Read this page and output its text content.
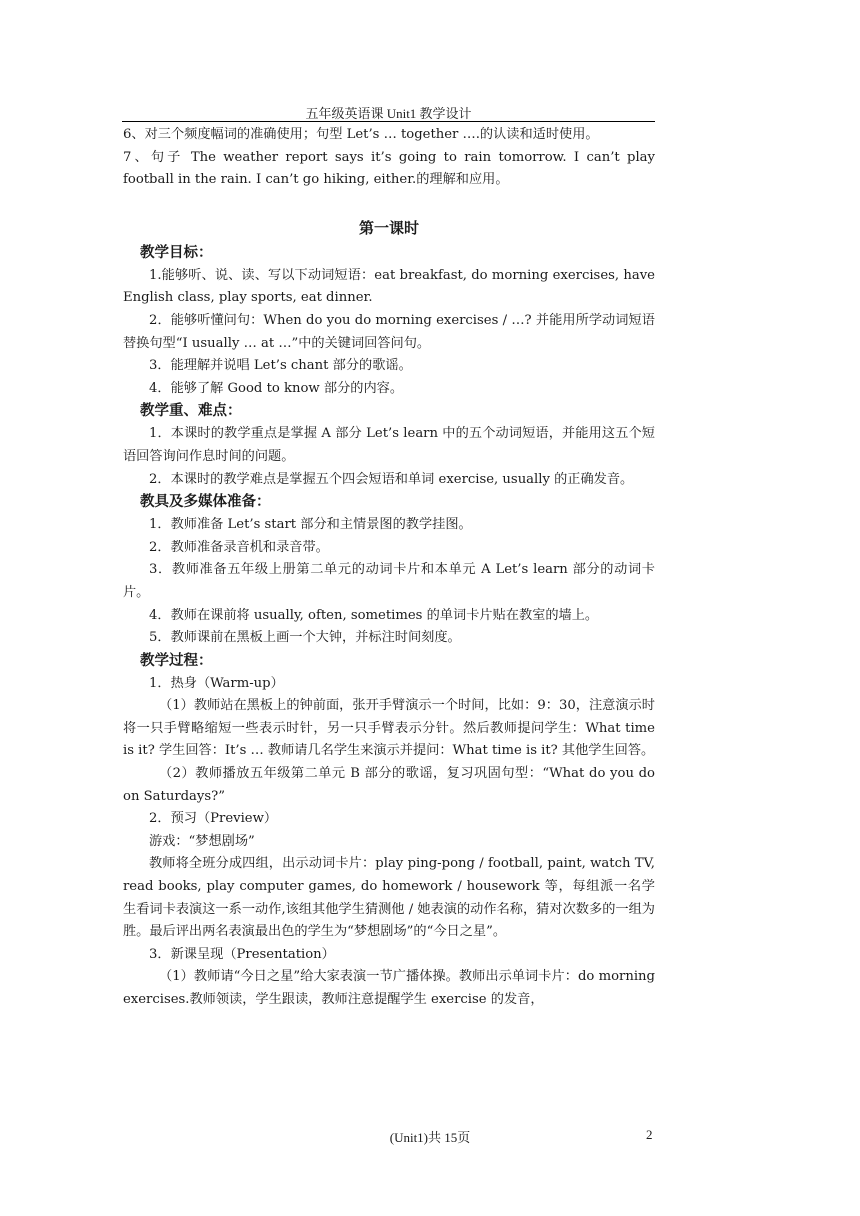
五年级英语课 Unit1 教学设计

6、对三个频度幅词的准确使用；句型 Let’s … together ….的认读和适时使用。

7、句子 The weather report says it’s going to rain tomorrow. I can’t play football in the rain. I can’t go hiking, either.的理解和应用。

第一课时
教学目标：

1.能够听、说、读、写以下动词短语：eat breakfast, do morning exercises, have English class, play sports, eat dinner.

2．能够听懂问句：When do you do morning exercises / …? 并能用所学动词短语替换句型“I usually … at …”中的关键词回答问句。

3．能理解并说唱 Let’s chant 部分的歌谣。

4．能够了解 Good to know 部分的内容。

教学重、难点：

1．本课时的教学重点是掌握 A 部分 Let’s learn 中的五个动词短语，并能用这五个短语回答询问作息时间的问题。

2．本课时的教学难点是掌握五个四会短语和单词 exercise, usually 的正确发音。

教具及多媒体准备：

1．教师准备 Let’s start 部分和主情景图的教学挂图。

2．教师准备录音机和录音带。

3．教师准备五年级上册第二单元的动词卡片和本单元 A Let’s learn 部分的动词卡片。

4．教师在课前将 usually, often, sometimes 的单词卡片贴在教室的墙上。

5．教师课前在黑板上画一个大钟，并标注时间刻度。

教学过程：

1．热身（Warm-up）

（1）教师站在黑板上的钟前面，张开手臂演示一个时间，比如：9：30，注意演示时将一只手臂略缩短一些表示时针，另一只手臂表示分针。然后教师提问学生：What time is it? 学生回答：It’s … 教师请几名学生来演示并提问：What time is it? 其他学生回答。

（2）教师播放五年级第二单元 B 部分的歌谣，复习巩固句型：“What do you do on Saturdays?”

2．预习（Preview）

游戏：“梦想剧场”

教师将全班分成四组，出示动词卡片：play ping-pong / football, paint, watch TV, read books, play computer games, do homework / housework 等，每组派一名学生看词卡表演这一系一动作,该组其他学生猜测他 / 她表演的动作名称，猜对次数多的一组为胜。最后评出两名表演最出色的学生为“梦想剧场”的“今日之星”。

3．新课呈现（Presentation）

（1）教师请“今日之星”给大家表演一节广播体操。教师出示单词卡片：do morning exercises.教师领读，学生跟读，教师注意提醒学生 exercise 的发音，

(Unit1)共 15页	2
